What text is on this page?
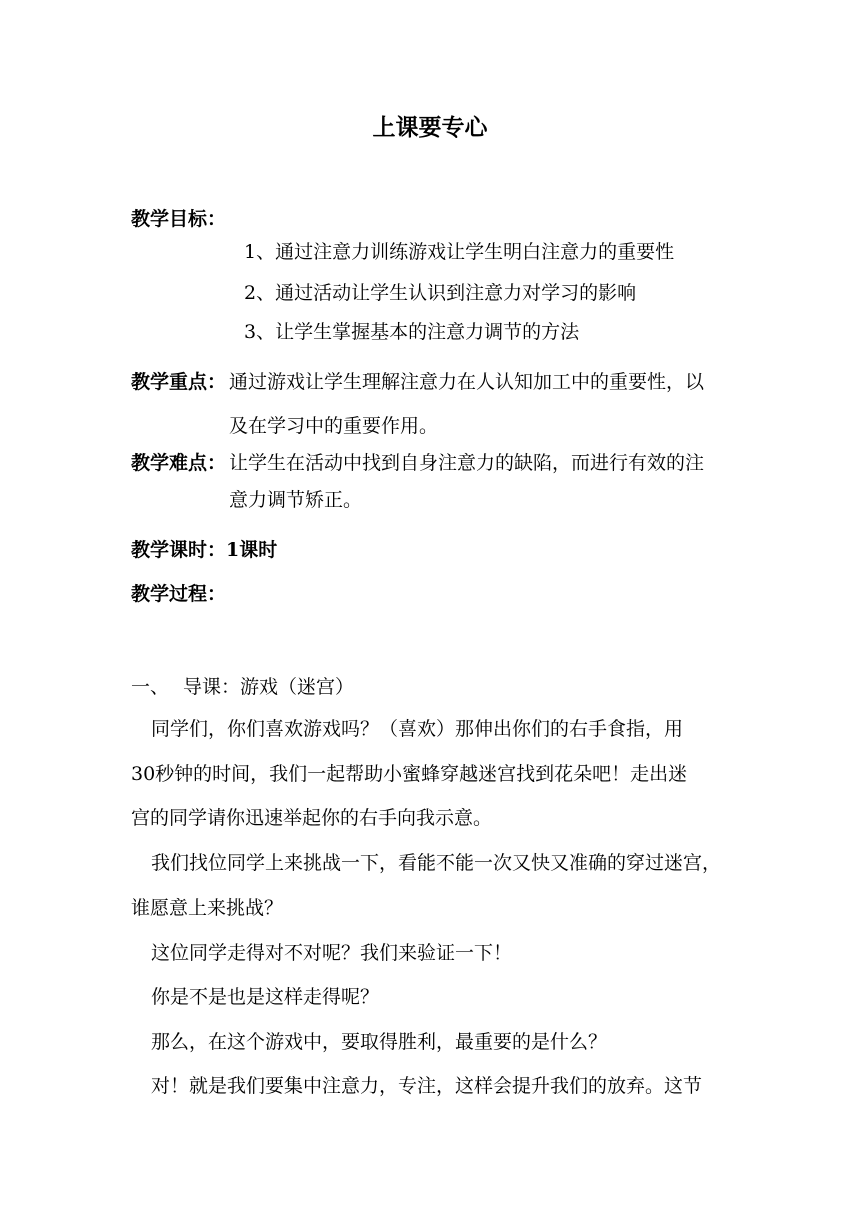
上课要专心
教学目标：
1、通过注意力训练游戏让学生明白注意力的重要性
2、通过活动让学生认识到注意力对学习的影响
3、让学生掌握基本的注意力调节的方法
教学重点： 通过游戏让学生理解注意力在人认知加工中的重要性，以
及在学习中的重要作用。
教学难点： 让学生在活动中找到自身注意力的缺陷，而进行有效的注
意力调节矫正。
教学课时：1课时
教学过程：
一、 导课：游戏（迷宫）
同学们，你们喜欢游戏吗？（喜欢）那伸出你们的右手食指，用
30秒钟的时间，我们一起帮助小蜜蜂穿越迷宫找到花朵吧！走出迷
宫的同学请你迅速举起你的右手向我示意。
我们找位同学上来挑战一下，看能不能一次又快又准确的穿过迷宫，
谁愿意上来挑战？
这位同学走得对不对呢？我们来验证一下！
你是不是也是这样走得呢？
那么，在这个游戏中，要取得胜利，最重要的是什么？
对！就是我们要集中注意力，专注，这样会提升我们的放弃。这节
